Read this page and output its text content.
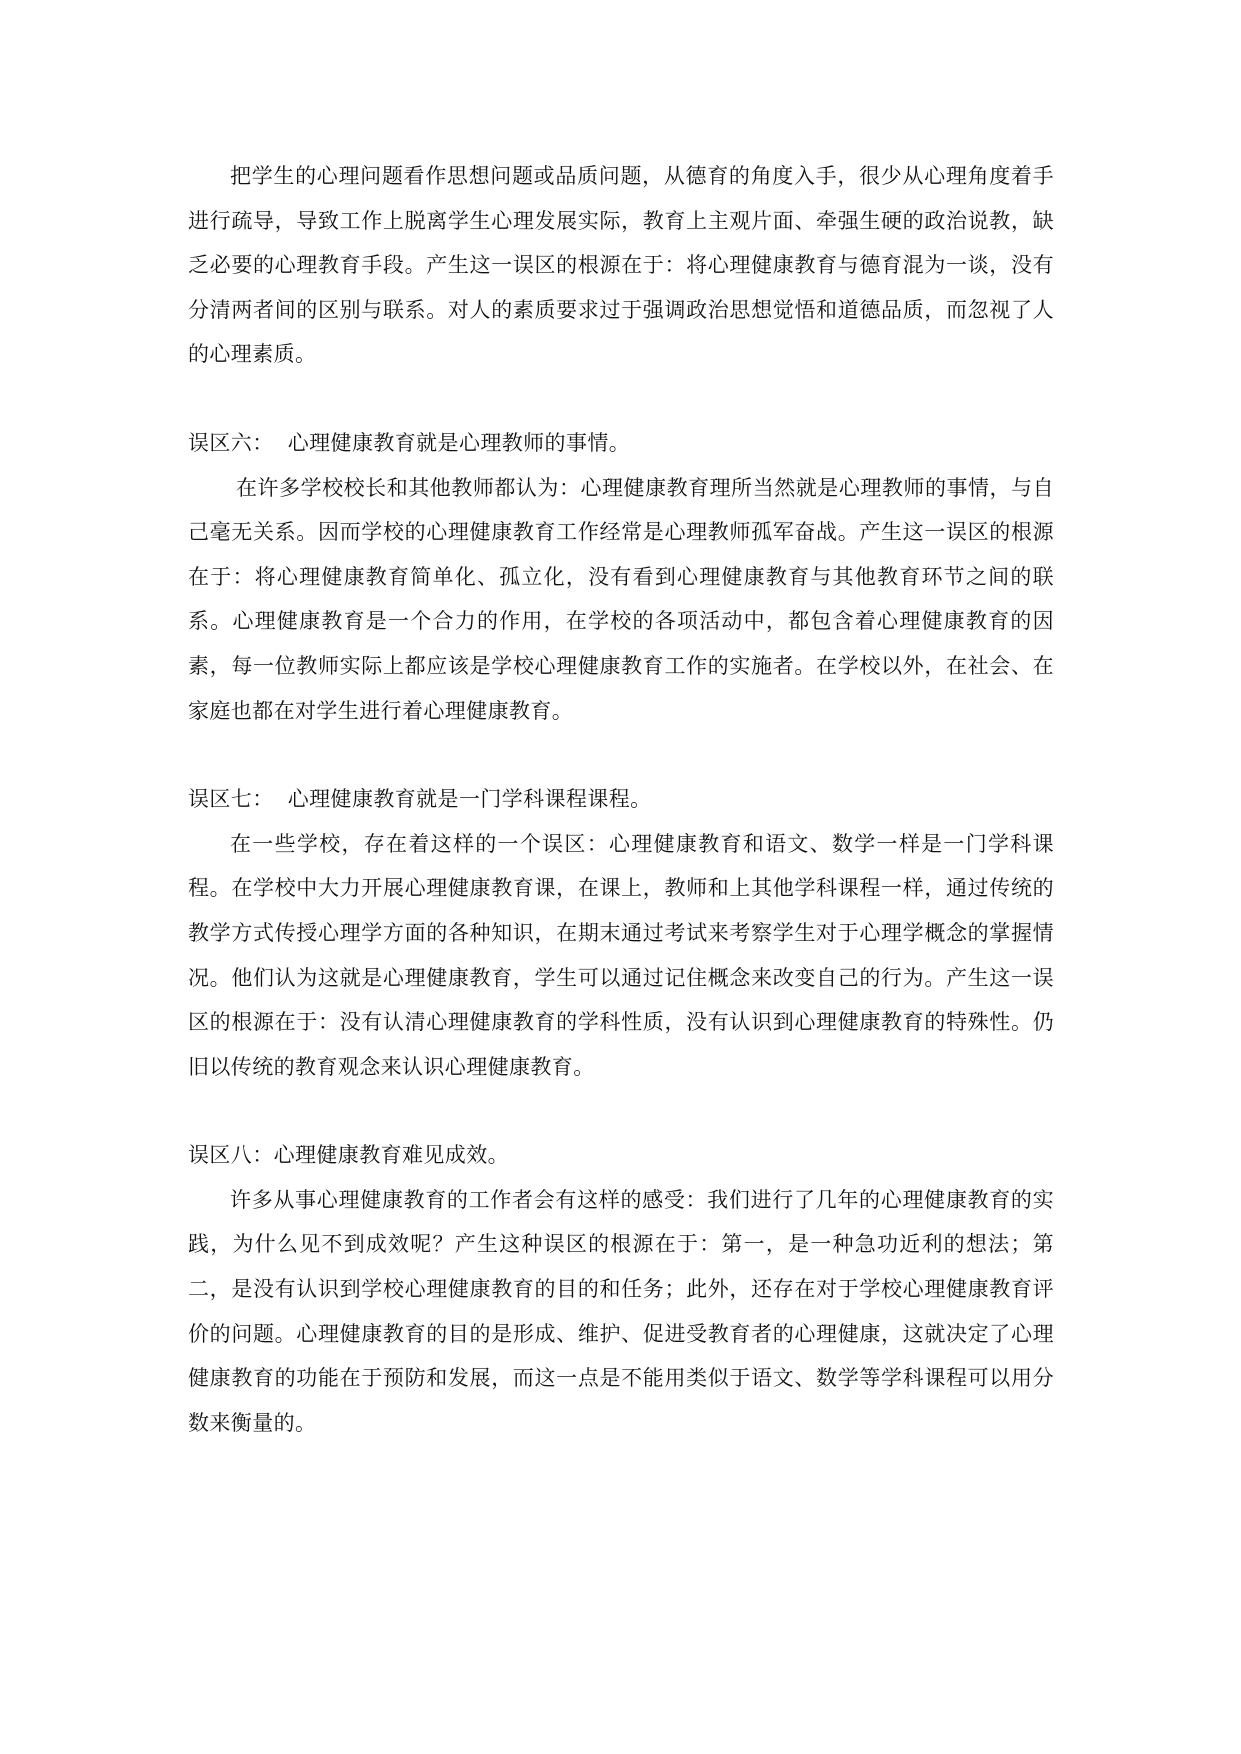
把学生的心理问题看作思想问题或品质问题，从德育的角度入手，很少从心理角度着手进行疏导，导致工作上脱离学生心理发展实际，教育上主观片面、牵强生硬的政治说教，缺乏必要的心理教育手段。产生这一误区的根源在于：将心理健康教育与德育混为一谈，没有分清两者间的区别与联系。对人的素质要求过于强调政治思想觉悟和道德品质，而忽视了人的心理素质。

误区六：  心理健康教育就是心理教师的事情。

在许多学校校长和其他教师都认为：心理健康教育理所当然就是心理教师的事情，与自己毫无关系。因而学校的心理健康教育工作经常是心理教师孤军奋战。产生这一误区的根源在于：将心理健康教育简单化、孤立化，没有看到心理健康教育与其他教育环节之间的联系。心理健康教育是一个合力的作用，在学校的各项活动中，都包含着心理健康教育的因素，每一位教师实际上都应该是学校心理健康教育工作的实施者。在学校以外，在社会、在家庭也都在对学生进行着心理健康教育。

误区七：  心理健康教育就是一门学科课程课程。

在一些学校，存在着这样的一个误区：心理健康教育和语文、数学一样是一门学科课程。在学校中大力开展心理健康教育课，在课上，教师和上其他学科课程一样，通过传统的教学方式传授心理学方面的各种知识，在期末通过考试来考察学生对于心理学概念的掌握情况。他们认为这就是心理健康教育，学生可以通过记住概念来改变自己的行为。产生这一误区的根源在于：没有认清心理健康教育的学科性质，没有认识到心理健康教育的特殊性。仍旧以传统的教育观念来认识心理健康教育。

误区八：心理健康教育难见成效。

许多从事心理健康教育的工作者会有这样的感受：我们进行了几年的心理健康教育的实践，为什么见不到成效呢？产生这种误区的根源在于：第一，是一种急功近利的想法；第二，是没有认识到学校心理健康教育的目的和任务；此外，还存在对于学校心理健康教育评价的问题。心理健康教育的目的是形成、维护、促进受教育者的心理健康，这就决定了心理健康教育的功能在于预防和发展，而这一点是不能用类似于语文、数学等学科课程可以用分数来衡量的。
